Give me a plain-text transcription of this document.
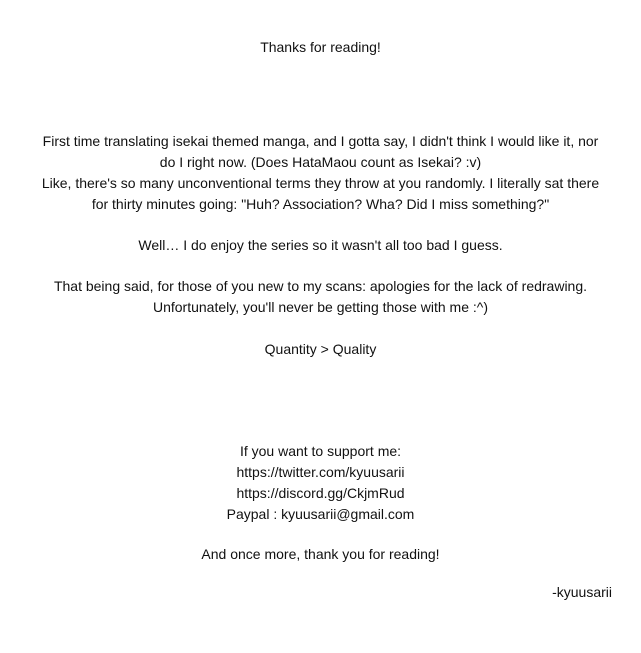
Thanks for reading!
First time translating isekai themed manga, and I gotta say, I didn't think I would like it, nor
do I right now. (Does HataMaou count as Isekai? :v)
Like, there's so many unconventional terms they throw at you randomly. I literally sat there
for thirty minutes going: "Huh? Association? Wha? Did I miss something?"
Well… I do enjoy the series so it wasn't all too bad I guess.
That being said, for those of you new to my scans: apologies for the lack of redrawing.
Unfortunately, you'll never be getting those with me :^)
Quantity > Quality
If you want to support me:
https://twitter.com/kyuusarii
https://discord.gg/CkjmRud
Paypal : kyuusarii@gmail.com
And once more, thank you for reading!
-kyuusarii
